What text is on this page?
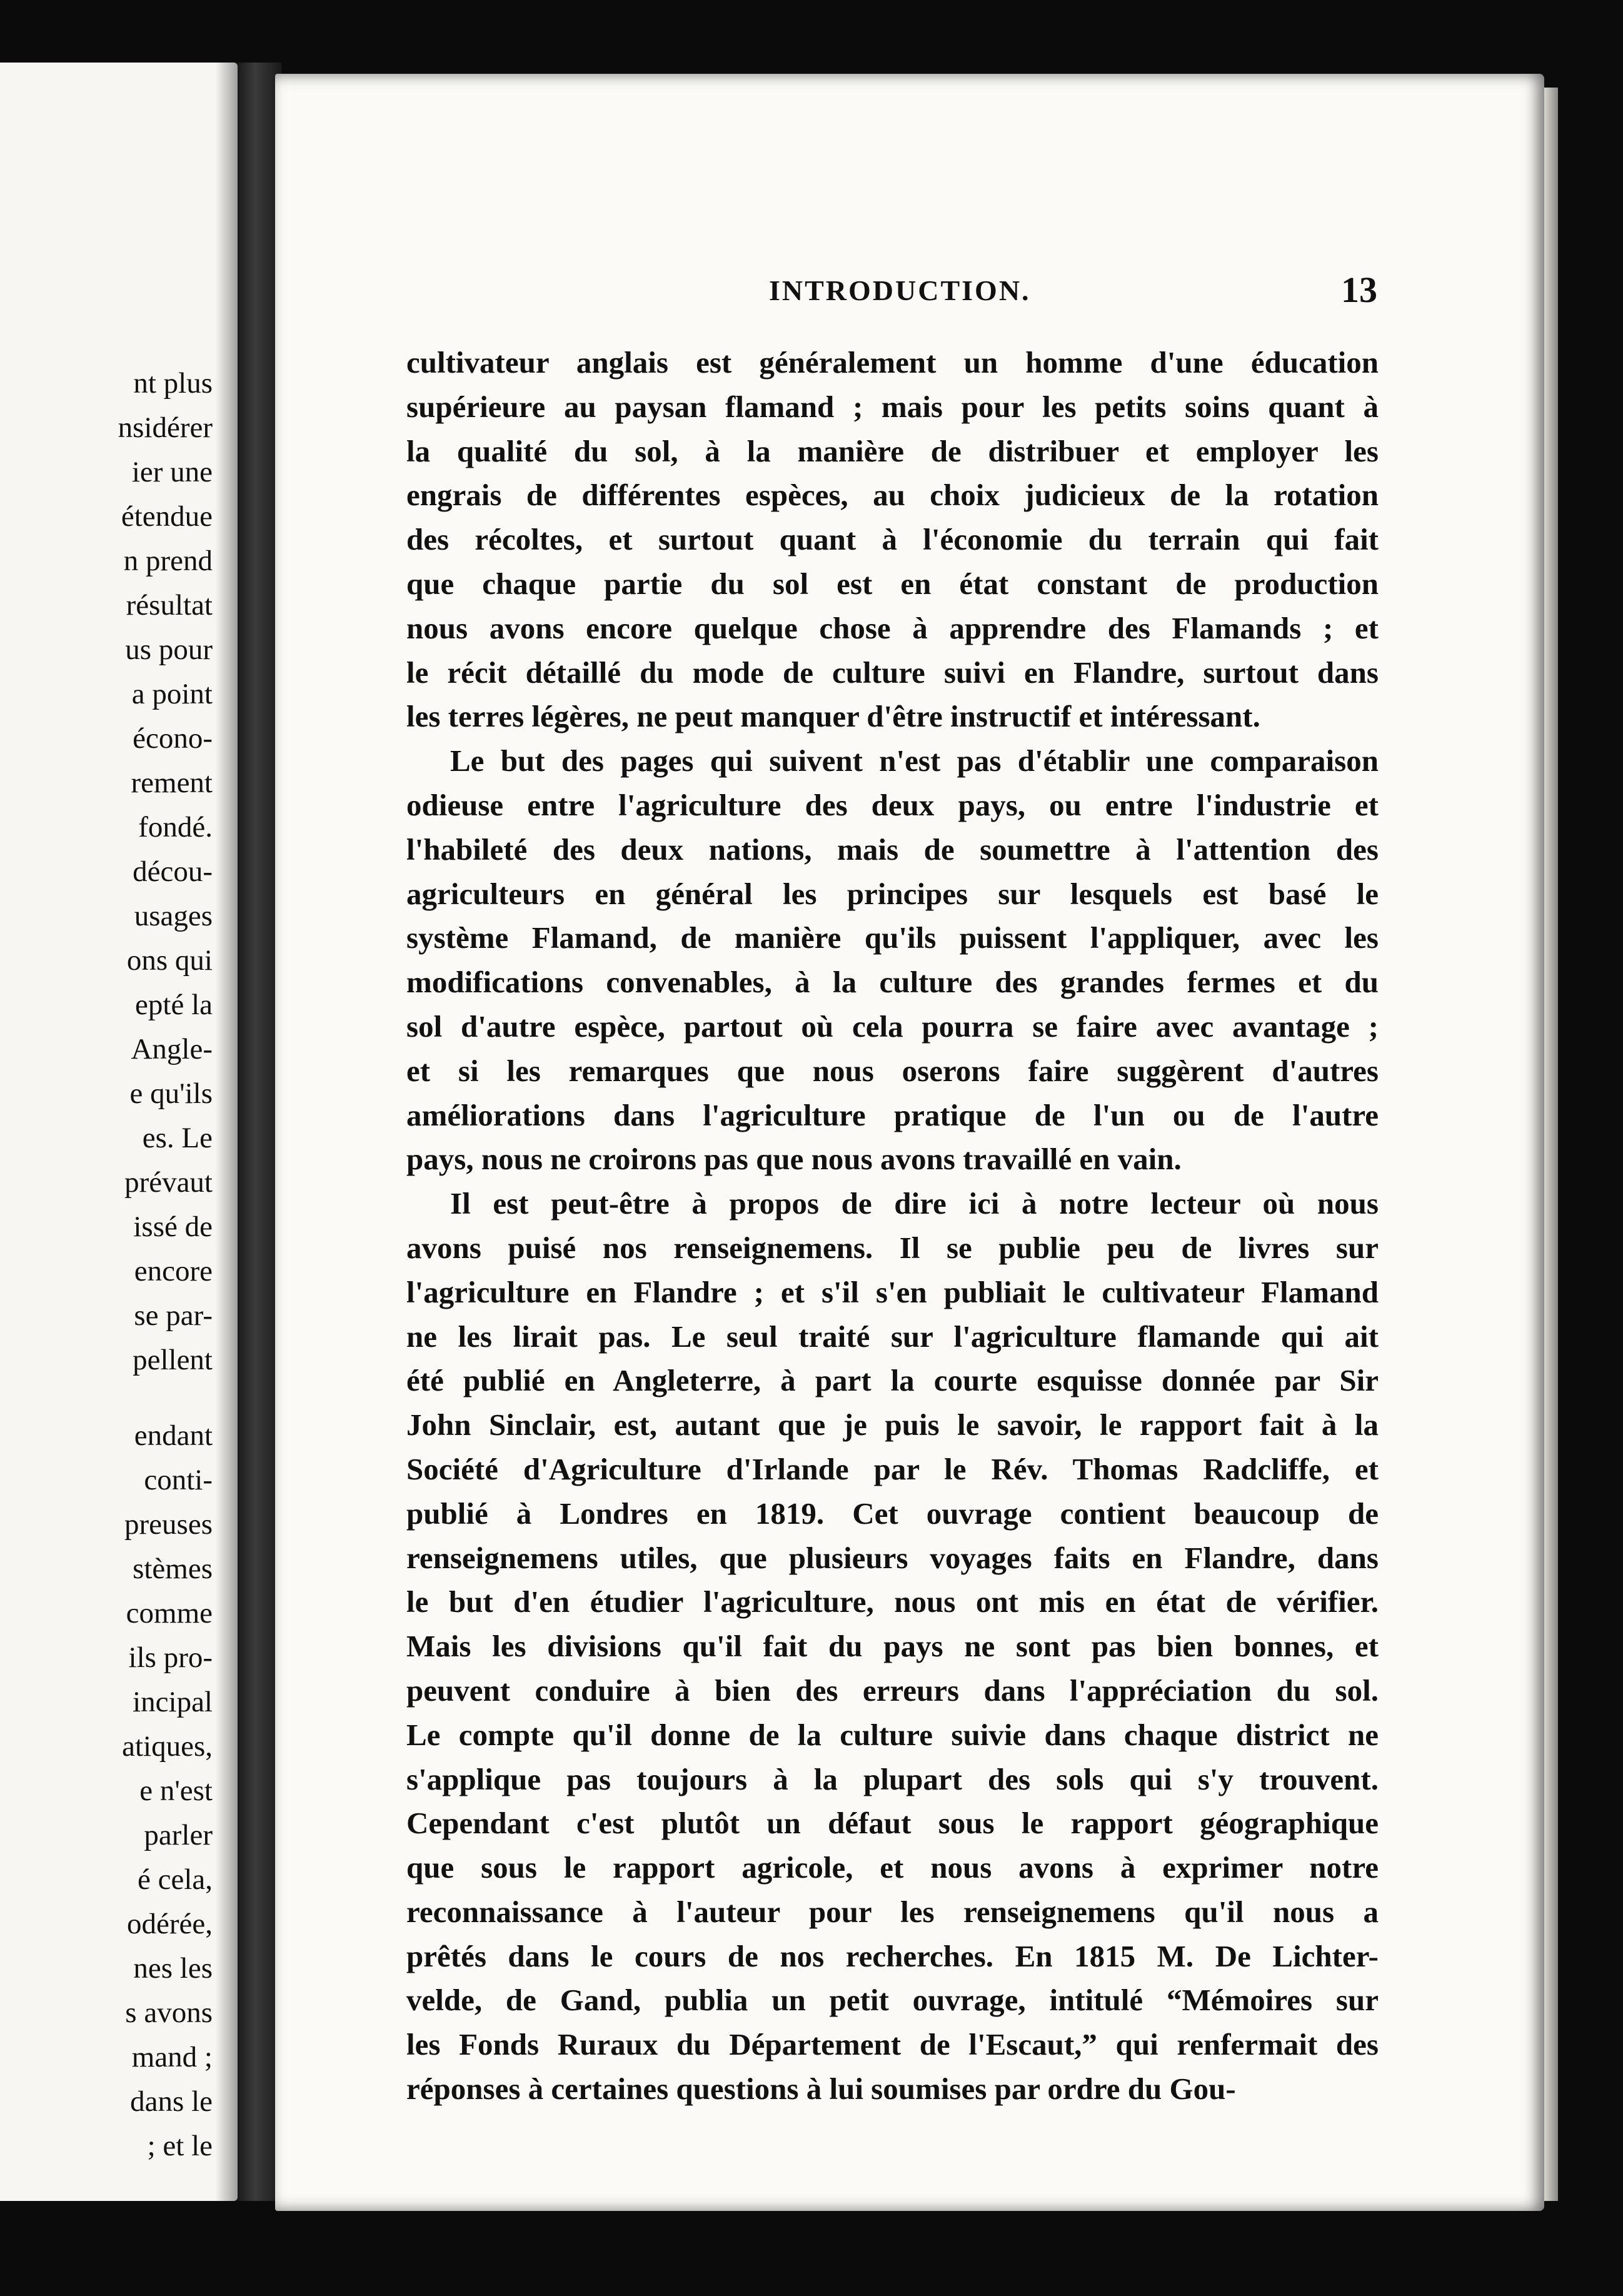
nt plus
nsidérer
ier une
étendue
n prend
résultat
us pour
a point
écono-
rement
fondé.
décou-
usages
ons qui
epté la
Angle-
e qu'ils
es. Le
prévaut
issé de
encore
se par-
pellent
endant
conti-
preuses
stèmes
comme
ils pro-
incipal
atiques,
e n'est
parler
é cela,
odérée,
nes les
s avons
mand ;
dans le
; et le
INTRODUCTION.	13

cultivateur anglais est généralement un homme d'une éducation
supérieure au paysan flamand ; mais pour les petits soins quant à
la qualité du sol, à la manière de distribuer et employer les
engrais de différentes espèces, au choix judicieux de la rotation
des récoltes, et surtout quant à l'économie du terrain qui fait
que chaque partie du sol est en état constant de production
nous avons encore quelque chose à apprendre des Flamands ; et
le récit détaillé du mode de culture suivi en Flandre, surtout dans
les terres légères, ne peut manquer d'être instructif et intéressant.

Le but des pages qui suivent n'est pas d'établir une comparaison
odieuse entre l'agriculture des deux pays, ou entre l'industrie et
l'habileté des deux nations, mais de soumettre à l'attention des
agriculteurs en général les principes sur lesquels est basé le
système Flamand, de manière qu'ils puissent l'appliquer, avec les
modifications convenables, à la culture des grandes fermes et du
sol d'autre espèce, partout où cela pourra se faire avec avantage ;
et si les remarques que nous oserons faire suggèrent d'autres
améliorations dans l'agriculture pratique de l'un ou de l'autre
pays, nous ne croirons pas que nous avons travaillé en vain.

Il est peut-être à propos de dire ici à notre lecteur où nous
avons puisé nos renseignemens. Il se publie peu de livres sur
l'agriculture en Flandre ; et s'il s'en publiait le cultivateur Flamand
ne les lirait pas. Le seul traité sur l'agriculture flamande qui ait
été publié en Angleterre, à part la courte esquisse donnée par Sir
John Sinclair, est, autant que je puis le savoir, le rapport fait à la
Société d'Agriculture d'Irlande par le Rév. Thomas Radcliffe, et
publié à Londres en 1819. Cet ouvrage contient beaucoup de
renseignemens utiles, que plusieurs voyages faits en Flandre, dans
le but d'en étudier l'agriculture, nous ont mis en état de vérifier.
Mais les divisions qu'il fait du pays ne sont pas bien bonnes, et
peuvent conduire à bien des erreurs dans l'appréciation du sol.
Le compte qu'il donne de la culture suivie dans chaque district ne
s'applique pas toujours à la plupart des sols qui s'y trouvent.
Cependant c'est plutôt un défaut sous le rapport géographique
que sous le rapport agricole, et nous avons à exprimer notre
reconnaissance à l'auteur pour les renseignemens qu'il nous a
prêtés dans le cours de nos recherches. En 1815 M. De Lichter-
velde, de Gand, publia un petit ouvrage, intitulé “Mémoires sur
les Fonds Ruraux du Département de l'Escaut,” qui renfermait des
réponses à certaines questions à lui soumises par ordre du Gou-
